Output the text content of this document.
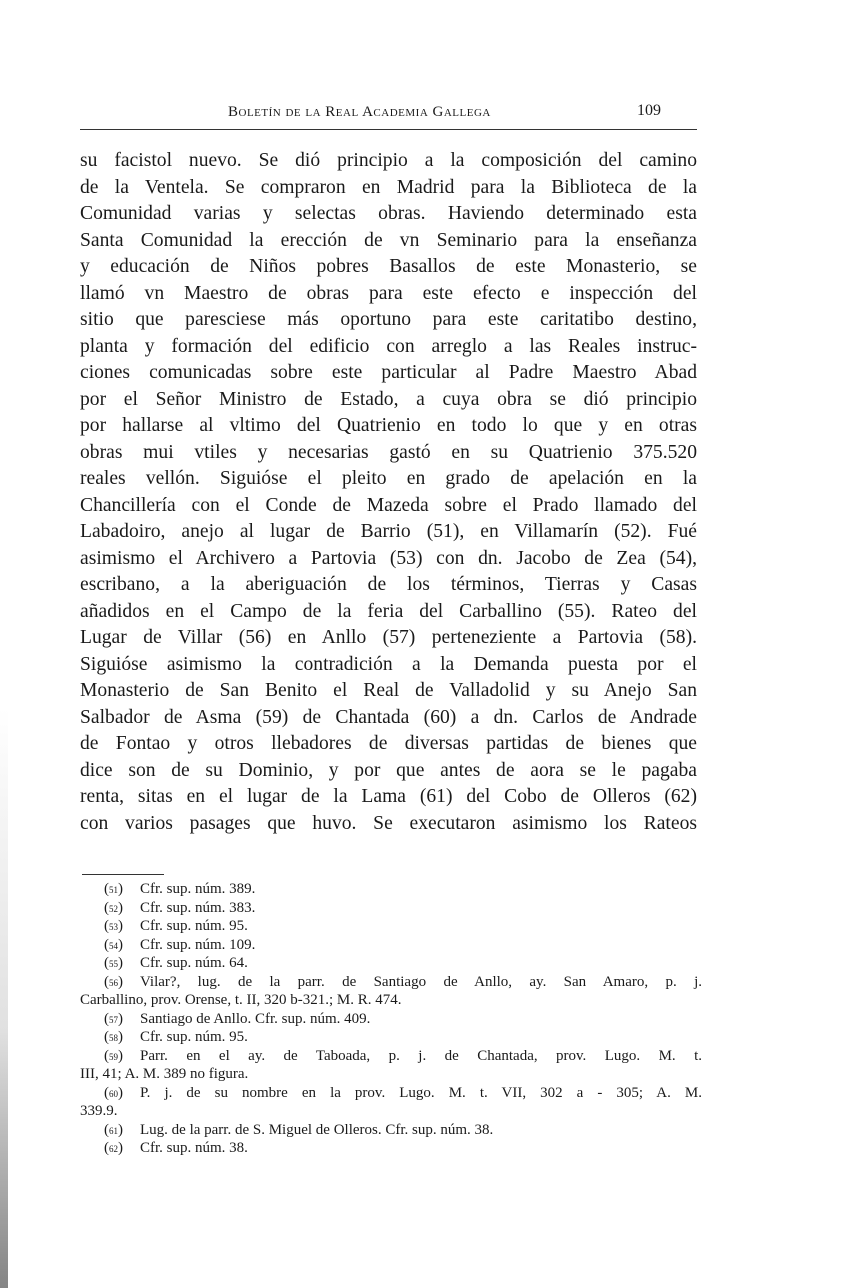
Boletín de la Real Academia Gallega	109
su facistol nuevo. Se dió principio a la composición del camino
de la Ventela. Se compraron en Madrid para la Biblioteca de la
Comunidad varias y selectas obras. Haviendo determinado esta
Santa Comunidad la erección de vn Seminario para la enseñanza
y educación de Niños pobres Basallos de este Monasterio, se
llamó vn Maestro de obras para este efecto e inspección del
sitio que paresciese más oportuno para este caritatibo destino,
planta y formación del edificio con arreglo a las Reales instruc-
ciones comunicadas sobre este particular al Padre Maestro Abad
por el Señor Ministro de Estado, a cuya obra se dió principio
por hallarse al vltimo del Quatrienio en todo lo que y en otras
obras mui vtiles y necesarias gastó en su Quatrienio 375.520
reales vellón. Siguióse el pleito en grado de apelación en la
Chancillería con el Conde de Mazeda sobre el Prado llamado del
Labadoiro, anejo al lugar de Barrio (51), en Villamarín (52). Fué
asimismo el Archivero a Partovia (53) con dn. Jacobo de Zea (54),
escribano, a la aberiguación de los términos, Tierras y Casas
añadidos en el Campo de la feria del Carballino (55). Rateo del
Lugar de Villar (56) en Anllo (57) perteneziente a Partovia (58).
Siguióse asimismo la contradición a la Demanda puesta por el
Monasterio de San Benito el Real de Valladolid y su Anejo San
Salbador de Asma (59) de Chantada (60) a dn. Carlos de Andrade
de Fontao y otros llebadores de diversas partidas de bienes que
dice son de su Dominio, y por que antes de aora se le pagaba
renta, sitas en el lugar de la Lama (61) del Cobo de Olleros (62)
con varios pasages que huvo. Se executaron asimismo los Rateos
(51) Cfr. sup. núm. 389.
(52) Cfr. sup. núm. 383.
(53) Cfr. sup. núm. 95.
(54) Cfr. sup. núm. 109.
(55) Cfr. sup. núm. 64.
(56) Vilar?, lug. de la parr. de Santiago de Anllo, ay. San Amaro, p. j.
Carballino, prov. Orense, t. II, 320 b-321.; M. R. 474.
(57) Santiago de Anllo. Cfr. sup. núm. 409.
(58) Cfr. sup. núm. 95.
(59) Parr. en el ay. de Taboada, p. j. de Chantada, prov. Lugo. M. t.
III, 41; A. M. 389 no figura.
(60) P. j. de su nombre en la prov. Lugo. M. t. VII, 302 a - 305; A. M.
339.9.
(61) Lug. de la parr. de S. Miguel de Olleros. Cfr. sup. núm. 38.
(62) Cfr. sup. núm. 38.
